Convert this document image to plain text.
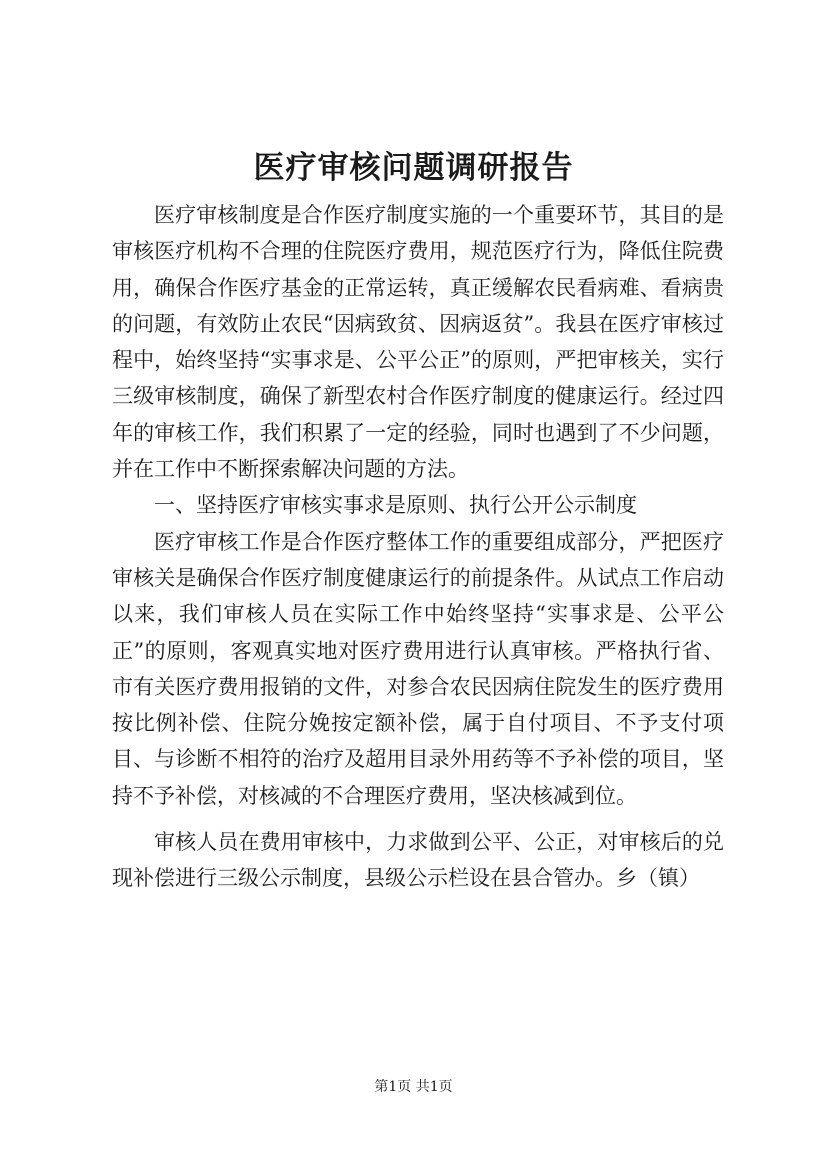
医疗审核问题调研报告

医疗审核制度是合作医疗制度实施的一个重要环节，其目的是审核医疗机构不合理的住院医疗费用，规范医疗行为，降低住院费用，确保合作医疗基金的正常运转，真正缓解农民看病难、看病贵的问题，有效防止农民“因病致贫、因病返贫”。我县在医疗审核过程中，始终坚持“实事求是、公平公正”的原则，严把审核关，实行三级审核制度，确保了新型农村合作医疗制度的健康运行。经过四年的审核工作，我们积累了一定的经验，同时也遇到了不少问题，并在工作中不断探索解决问题的方法。

一、坚持医疗审核实事求是原则、执行公开公示制度

医疗审核工作是合作医疗整体工作的重要组成部分，严把医疗审核关是确保合作医疗制度健康运行的前提条件。从试点工作启动以来，我们审核人员在实际工作中始终坚持“实事求是、公平公正”的原则，客观真实地对医疗费用进行认真审核。严格执行省、市有关医疗费用报销的文件，对参合农民因病住院发生的医疗费用按比例补偿、住院分娩按定额补偿，属于自付项目、不予支付项目、与诊断不相符的治疗及超用目录外用药等不予补偿的项目，坚持不予补偿，对核减的不合理医疗费用，坚决核减到位。

审核人员在费用审核中，力求做到公平、公正，对审核后的兑现补偿进行三级公示制度，县级公示栏设在县合管办。乡（镇）

第1页 共1页
